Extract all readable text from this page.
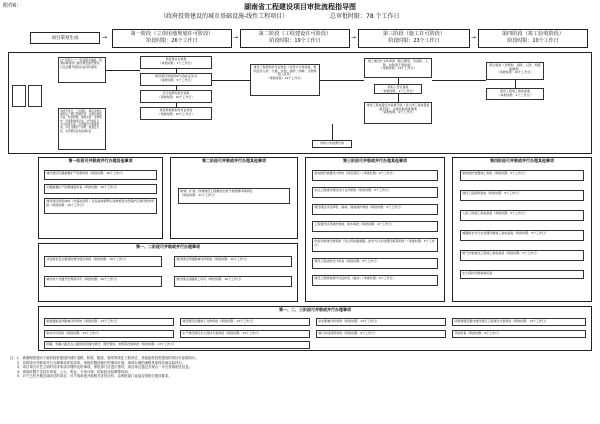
附件6：	湖南省工程建设项目审批流程指导图
（政府投资建设的城市基础设施-线性工程项目）	总审批时限：78 个工作日
项目策划生成	→	第一阶段（立项用地规划许可阶段）
阶段时限：26个工作日	→	第二阶段（工程建设许可阶段）
阶段时限：19个工作日	→	第三阶段（施工许可阶段）
阶段时限：23个工作日	→	第四阶段（竣工验收阶段）
阶段时限：10个工作日
以"多规合一"一张蓝图为基础，统筹协调各部门提出项目建设条件，以及需要开展的评估评价事项
各类开发区、工业园区、新区实施区域评估。施行区域评估，完善区域性评估，防洪影响、地质灾害、文物保护、环境影响等评估，对气候可行、水土保持方案、涉河建设方案等审查，涉及压覆矿产资源、地震安全性、水资源论证等区域评估
项目建议书审批
（审批时限：1个工作日）
建设项目用地预审与选址意见书
（审批时限：5个工作日）
可行性研究报告审批
（审批时限：10个工作日）
建设用地规划许可证核发
（审批时限：10个工作日）
建设工程规划许可证核发（含设计方案审查，组织征求人防、交通、水利、消防、园林、文物等部门意见）
（审批时限：19个工作日）
施工图设计文件审查（联合图审，含消防、人防、技防等专项审查）
（审批时限：13个工作日）
招标人登记备案
（审批时限：1个工作日）
建设工程质量安全监督手续（含人防工程质量监督手续）、办理并联审批事项
（审批时限：9个工作日）
联合验收（含规划、消防、人防、档案等事项）
（审批时限：10个工作日）
建设工程竣工验收备案
（审批时限：1个工作日）
市场公共资源交易
第一阶段可并联或并行办理其他事项
建设项目压覆重要矿产资源审批（审批时限：10个工作日）
压覆重要矿产资源储量审查（审批时限：10个工作日）
建设项目使用林地（含临时使用）及在森林和野生动物类型自然保护区建设审核审批（审批时限：10个工作日）
第二阶段可并联或并行办理其他事项
新建、扩建、改建建设工程避免危害气象探测环境审批
（审批时限：11个工作日）
第三阶段可并联或并行办理其他事项
雷电防护装置设计审核（特定项目）（审批时限：9个工作日）
水运工程建设项目设计文件审批（审批时限：5个工作日）
建设项目涉及草原、森林、湿地保护审批（审批时限：5个工作日）
工程建设涉及城市绿地、树木审批（审批时限：9个工作日）
市政设施建设类审批（含占用挖掘道路、排水与污水处理设施等审批）（审批时限：5个工作日）
建设工程消防设计审查（审批时限：9个工作日）
建设工程规划类许可证核发（临时）（审批时限：9个工作日）
第四阶段可并联或并行办理其他事项
雷电防护装置竣工验收（审批时限：5个工作日）
建设工程消防验收（审批时限：5个工作日）
人防工程竣工验收备案（审批时限：5个工作日）
城镇排水与污水处理设施竣工验收备案（审批时限：5个工作日）
燃气设施建设工程竣工验收备案（审批时限：5个工作日）
水土保持设施验收报备
第一、二阶段可并联或并行办理事项
涉及国家安全事项的建设项目审批（审批时限：10个工作日）	建设项目环境影响评价审批（审批时限：10个工作日）
城市地下交通开发利用许可（审批时限：10个工作日）	建设项目涉路施工许可（审批时限：10个工作日）
第一、二、三阶段可并联或并行办理事项
航道通航条件影响评价审核（审批时限：13个工作日）	建设项目压覆地下文物审批（审批时限：13个工作日）	洪水影响评价审批（审批时限：13个工作日）	河道管理范围内建设项目工程建设方案审批（审批时限：13个工作日）
取水许可审批（审批时限：13个工作日）	生产建设项目水土保持方案审批（审批时限：13个工作日）	港口岸线使用审批（审批时限：9个工作日）	节能审查（审批时限：9个工作日）
跨越、穿越公路及在公路用地范围内架设、埋设管线、电缆等设施审批（审批时限：13个工作日）
注：1．该流程图适用于政府投资建设的城市道路、桥梁、隧道、管线等线性工程项目，其他政府投资建设的项目可参照执行。
2．各阶段可并联或并行办理事项详见清单，审批时限按最长的事项计算，事项办理的流程具体按各地实际执行。
3．项目单位可在立项时同步申请办理涉及的事项，审批部门应进行指导，项目单位通过多规合一平台获取相关信息。
4．审批时限不含技术审查、公示、听证、专家评审、招标拍卖挂牌等时间。
5．对于已经开展区域评估的项目，可不再单独开展相关评估评价，由审批部门直接告知相关建设要求。
